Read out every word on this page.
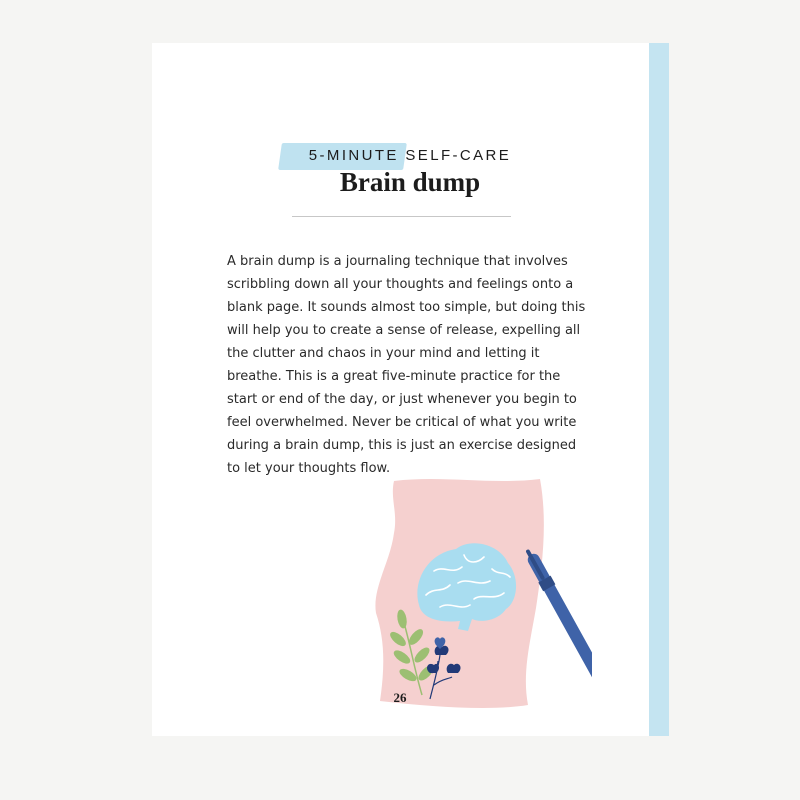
5-MINUTE SELF-CARE
Brain dump

A brain dump is a journaling technique that involves scribbling down all your thoughts and feelings onto a blank page. It sounds almost too simple, but doing this will help you to create a sense of release, expelling all the clutter and chaos in your mind and letting it breathe. This is a great five-minute practice for the start or end of the day, or just whenever you begin to feel overwhelmed. Never be critical of what you write during a brain dump, this is just an exercise designed to let your thoughts flow.

26
